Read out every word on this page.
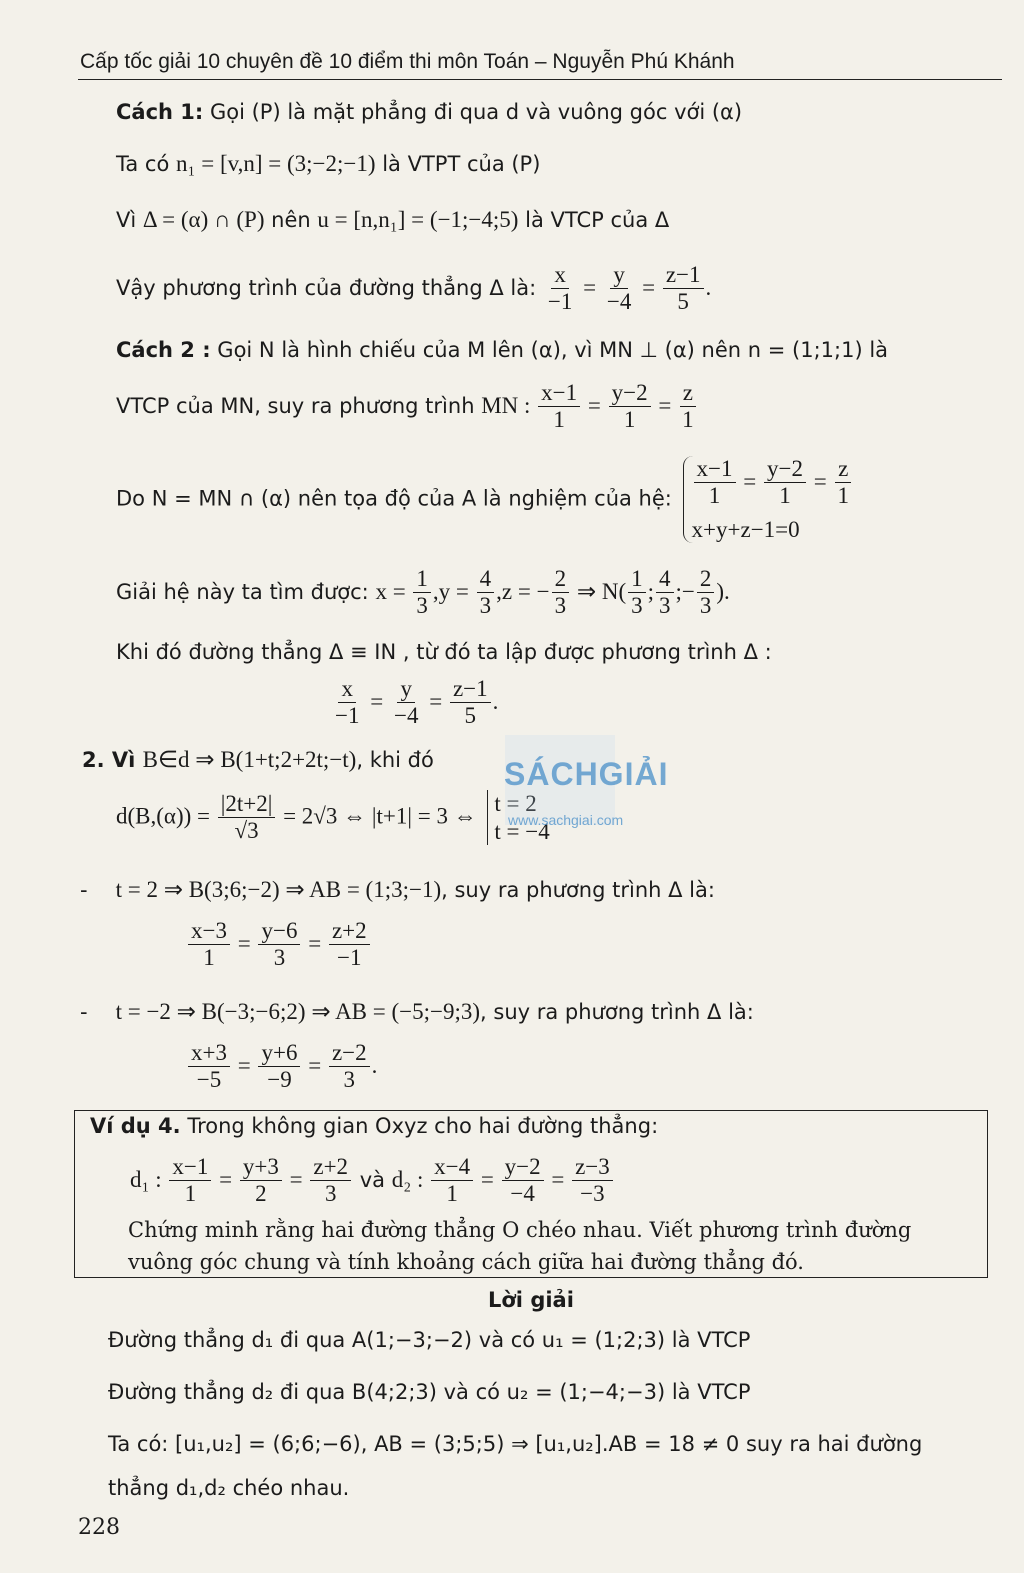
Cấp tốc giải 10 chuyên đề 10 điểm thi môn Toán – Nguyễn Phú Khánh
Cách 1: Gọi (P) là mặt phẳng đi qua d và vuông góc với (α)
Ta có n₁ = [v,n] = (3;−2;−1) là VTPT của (P)
Vì Δ = (α) ∩ (P) nên u = [n,n₁] = (−1;−4;5) là VTCP của Δ
Vậy phương trình của đường thẳng Δ là: $\frac{x}{-1} = \frac{y}{-4} = \frac{z-1}{5}$ .
Cách 2 : Gọi N là hình chiếu của M lên (α), vì MN ⊥ (α) nên n = (1;1;1) là
VTCP của MN, suy ra phương trình MN : $\frac{x-1}{1} = \frac{y-2}{1} = \frac{z}{1}$
Do N = MN ∩ (α) nên tọa độ của A là nghiệm của hệ: $\frac{x-1}{1} = \frac{y-2}{1} = \frac{z}{1}$
x+y+z−1=0
Giải hệ này ta tìm được: $x = \frac{1}{3} ,y = \frac{4}{3} ,z$ = − $\frac{2}{3}$ ⇒ $N( \frac{1}{3}$ ; $\frac{4}{3}$ ;− $\frac{2}{3}$ ).
Khi đó đường thẳng Δ ≡ IN , từ đó ta lập được phương trình Δ :
$\frac{x}{-1} = \frac{y}{-4} = \frac{z-1}{5}$ .
2. Vì B∈d ⇒ B(1+t;2+2t;−t), khi đó
$d(B,(\alpha)) = \frac{|2t+2|}{√3} = 2√3$ ⇔ |t+1| = 3 ⇔
t = 2
t = −4
- t = 2 ⇒ B(3;6;−2) ⇒ AB = (1;3;−1), suy ra phương trình Δ là:
$\frac{x-3}{1} = \frac{y-6}{3} = \frac{z+2}{-1}$
- t = −2 ⇒ B(−3;−6;2) ⇒ AB = (−5;−9;3), suy ra phương trình Δ là:
$\frac{x+3}{-5} = \frac{y+6}{-9} = \frac{z-2}{3}$ .
Ví dụ 4. Trong không gian Oxyz cho hai đường thẳng:
d₁ : $\frac{x-1}{1} = \frac{y+3}{2} = \frac{z+2}{3}$ và d₂ : $\frac{x-4}{1} = \frac{y-2}{-4} = \frac{z-3}{-3}$
Chứng minh rằng hai đường thẳng O chéo nhau. Viết phương trình đường
vuông góc chung và tính khoảng cách giữa hai đường thẳng đó.
Lời giải
Đường thẳng d₁ đi qua A(1;−3;−2) và có u₁ = (1;2;3) là VTCP
Đường thẳng d₂ đi qua B(4;2;3) và có u₂ = (1;−4;−3) là VTCP
Ta có: [u₁,u₂] = (6;6;−6), AB = (3;5;5) ⇒ [u₁,u₂].AB = 18 ≠ 0 suy ra hai đường
thẳng d₁,d₂ chéo nhau.
SÁCHGIẢI
www.sachgiai.com
228
